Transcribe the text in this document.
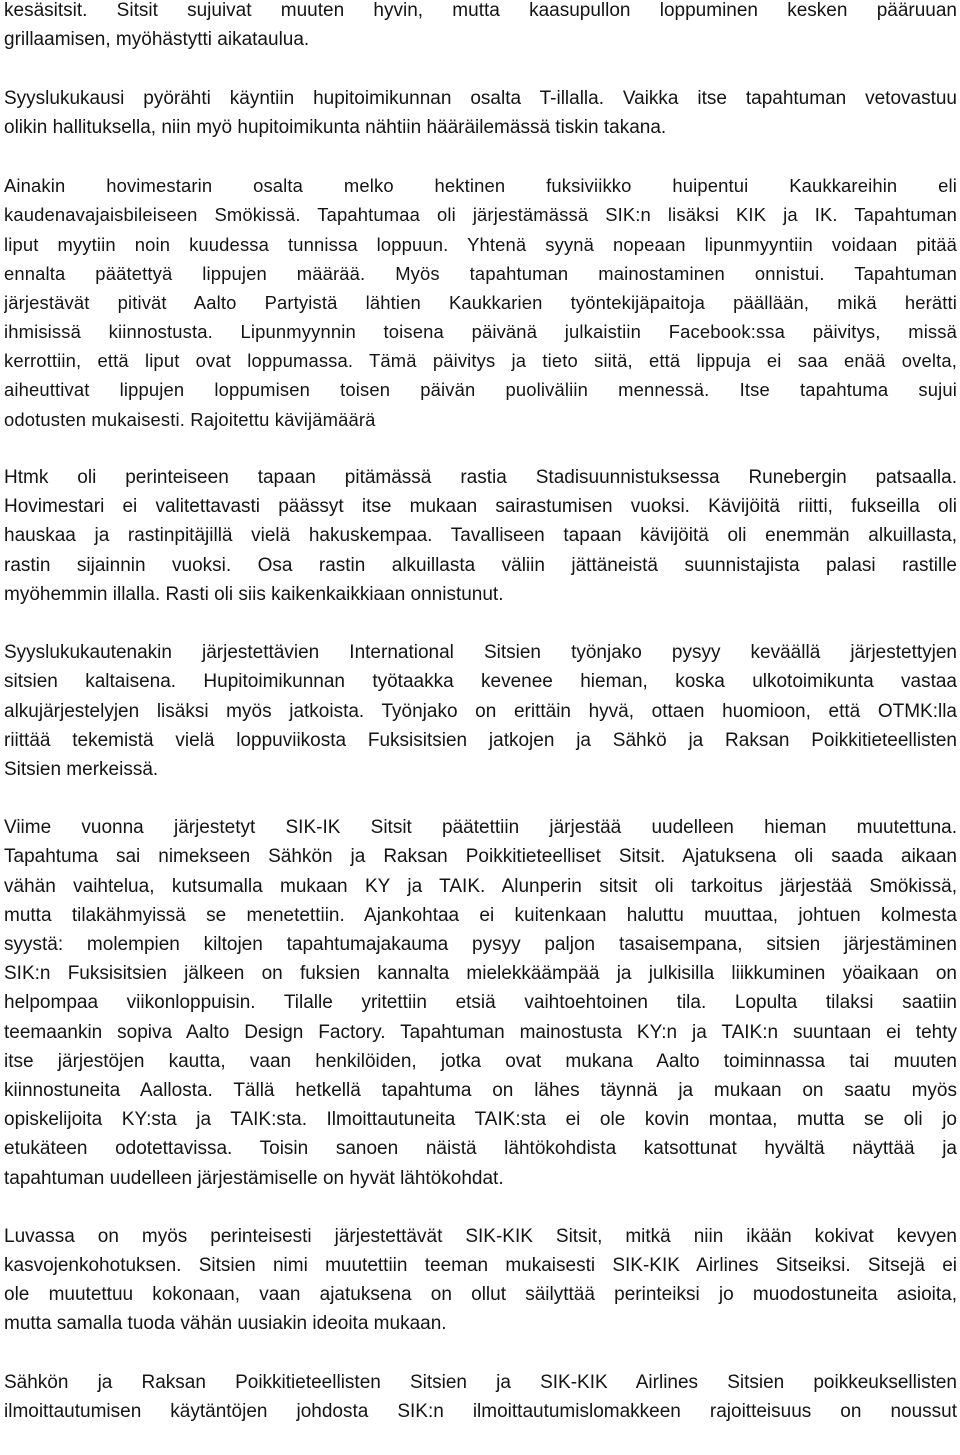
kesäsitsit. Sitsit sujuivat muuten hyvin, mutta kaasupullon loppuminen kesken pääruuan
grillaamisen, myöhästytti aikataulua.
Syyslukukausi pyörähti käyntiin hupitoimikunnan osalta T-illalla. Vaikka itse tapahtuman vetovastuu
olikin hallituksella, niin myö hupitoimikunta nähtiin hääräilemässä tiskin takana.
Ainakin hovimestarin osalta melko hektinen fuksiviikko huipentui Kaukkareihin eli
kaudenavajaisbileiseen Smökissä. Tapahtumaa oli järjestämässä SIK:n lisäksi KIK ja IK. Tapahtuman
liput myytiin noin kuudessa tunnissa loppuun. Yhtenä syynä nopeaan lipunmyyntiin voidaan pitää
ennalta päätettyä lippujen määrää. Myös tapahtuman mainostaminen onnistui. Tapahtuman
järjestävät pitivät Aalto Partyistä lähtien Kaukkarien työntekijäpaitoja päällään, mikä herätti
ihmisissä kiinnostusta. Lipunmyynnin toisena päivänä julkaistiin Facebook:ssa päivitys, missä
kerrottiin, että liput ovat loppumassa. Tämä päivitys ja tieto siitä, että lippuja ei saa enää ovelta,
aiheuttivat lippujen loppumisen toisen päivän puoliväliin mennessä. Itse tapahtuma sujui
odotusten mukaisesti. Rajoitettu kävijämäärä
Htmk oli perinteiseen tapaan pitämässä rastia Stadisuunnistuksessa Runebergin patsaalla.
Hovimestari ei valitettavasti päässyt itse mukaan sairastumisen vuoksi. Kävijöitä riitti, fukseilla oli
hauskaa ja rastinpitäjillä vielä hakuskempaa. Tavalliseen tapaan kävijöitä oli enemmän alkuillasta,
rastin sijainnin vuoksi. Osa rastin alkuillasta väliin jättäneistä suunnistajista palasi rastille
myöhemmin illalla. Rasti oli siis kaikenkaikkiaan onnistunut.
Syyslukukautenakin järjestettävien International Sitsien työnjako pysyy keväällä järjestettyjen
sitsien kaltaisena. Hupitoimikunnan työtaakka kevenee hieman, koska ulkotoimikunta vastaa
alkujärjestelyjen lisäksi myös jatkoista. Työnjako on erittäin hyvä, ottaen huomioon, että OTMK:lla
riittää tekemistä vielä loppuviikosta Fuksisitsien jatkojen ja Sähkö ja Raksan Poikkitieteellisten
Sitsien merkeissä.
Viime vuonna järjestetyt SIK-IK Sitsit päätettiin järjestää uudelleen hieman muutettuna.
Tapahtuma sai nimekseen Sähkön ja Raksan Poikkitieteelliset Sitsit. Ajatuksena oli saada aikaan
vähän vaihtelua, kutsumalla mukaan KY ja TAIK. Alunperin sitsit oli tarkoitus järjestää Smökissä,
mutta tilakähmyissä se menetettiin. Ajankohtaa ei kuitenkaan haluttu muuttaa, johtuen kolmesta
syystä: molempien kiltojen tapahtumajakauma pysyy paljon tasaisempana, sitsien järjestäminen
SIK:n Fuksisitsien jälkeen on fuksien kannalta mielekkäämpää ja julkisilla liikkuminen yöaikaan on
helpompaa viikonloppuisin. Tilalle yritettiin etsiä vaihtoehtoinen tila. Lopulta tilaksi saatiin
teemaankin sopiva Aalto Design Factory. Tapahtuman mainostusta KY:n ja TAIK:n suuntaan ei tehty
itse järjestöjen kautta, vaan henkilöiden, jotka ovat mukana Aalto toiminnassa tai muuten
kiinnostuneita Aallosta. Tällä hetkellä tapahtuma on lähes täynnä ja mukaan on saatu myös
opiskelijoita KY:sta ja TAIK:sta. Ilmoittautuneita TAIK:sta ei ole kovin montaa, mutta se oli jo
etukäteen odotettavissa. Toisin sanoen näistä lähtökohdista katsottunat hyvältä näyttää ja
tapahtuman uudelleen järjestämiselle on hyvät lähtökohdat.
Luvassa on myös perinteisesti järjestettävät SIK-KIK Sitsit, mitkä niin ikään kokivat kevyen
kasvojenkohotuksen. Sitsien nimi muutettiin teeman mukaisesti SIK-KIK Airlines Sitseiksi. Sitsejä ei
ole muutettuu kokonaan, vaan ajatuksena on ollut säilyttää perinteiksi jo muodostuneita asioita,
mutta samalla tuoda vähän uusiakin ideoita mukaan.
Sähkön ja Raksan Poikkitieteellisten Sitsien ja SIK-KIK Airlines Sitsien poikkeuksellisten
ilmoittautumisen käytäntöjen johdosta SIK:n ilmoittautumislomakkeen rajoitteisuus on noussut
